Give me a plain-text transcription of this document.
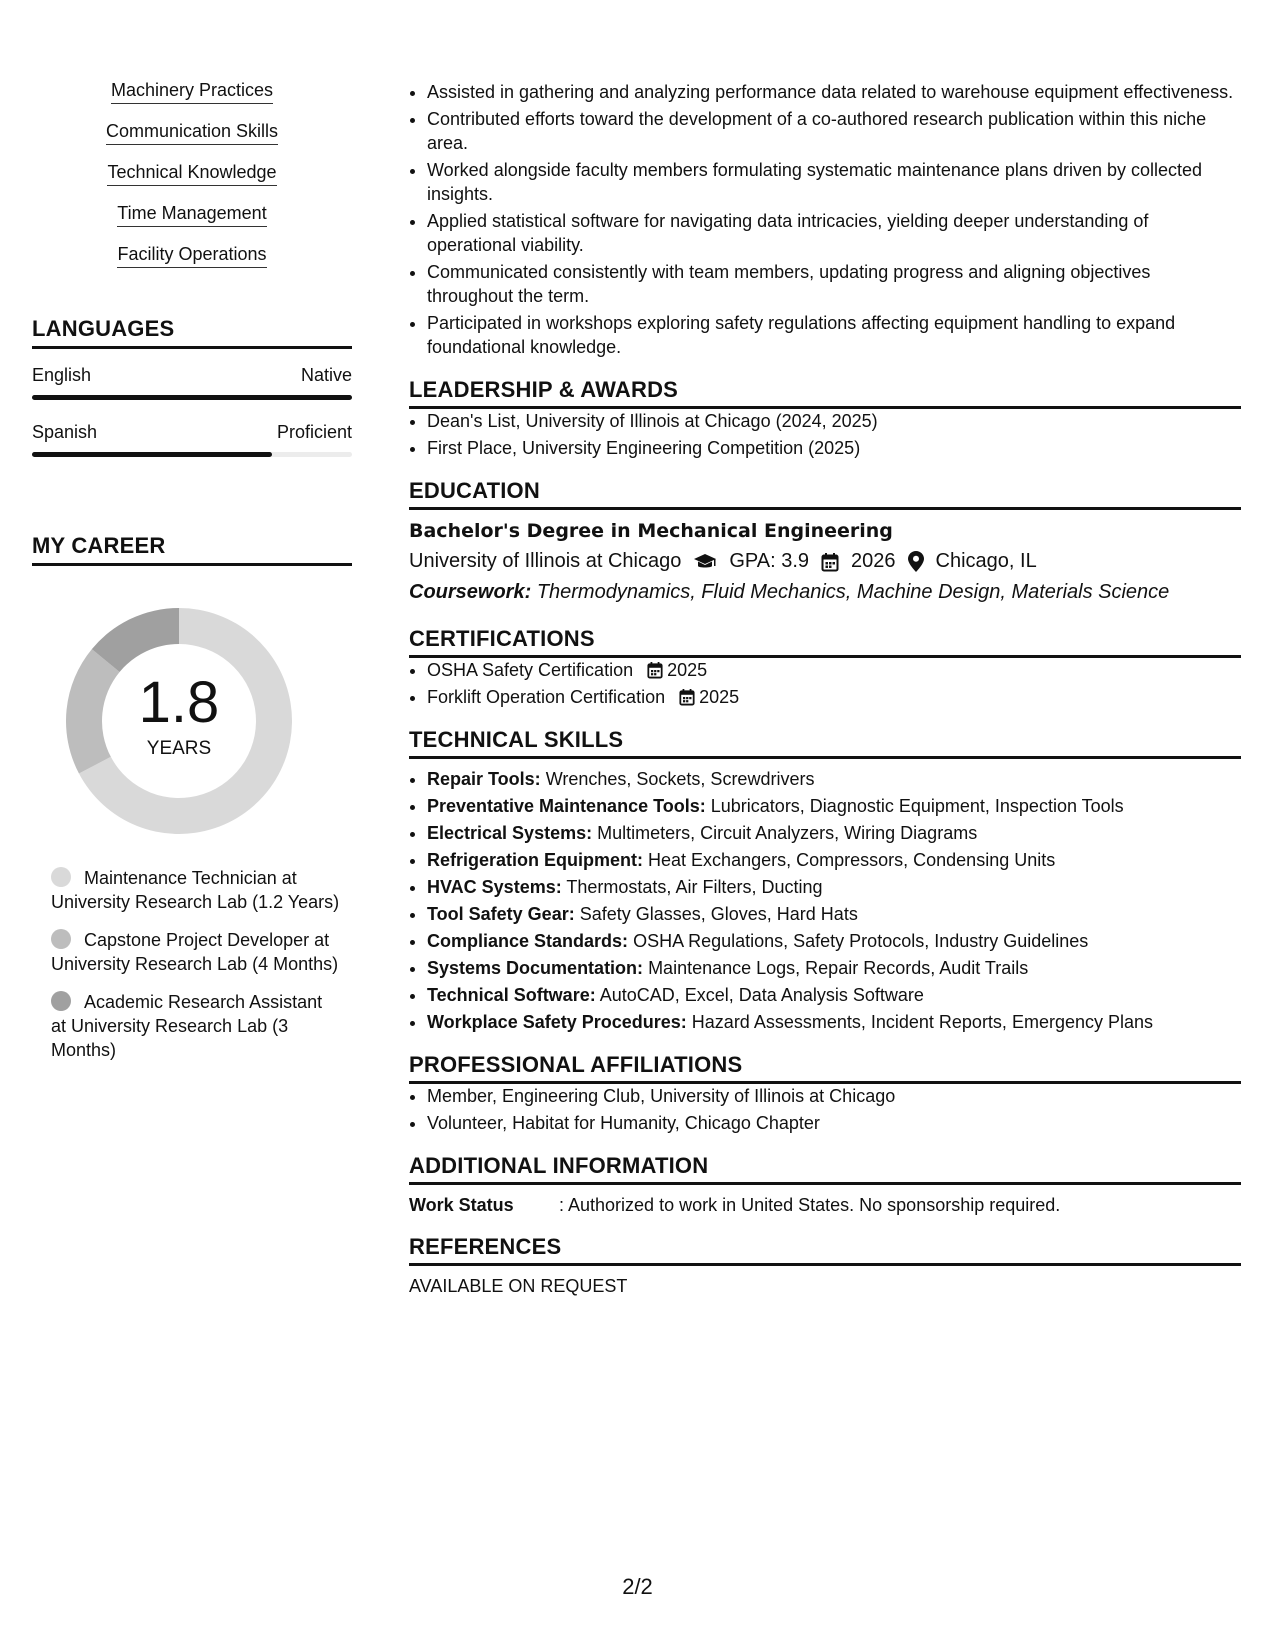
Machinery Practices
Communication Skills
Technical Knowledge
Time Management
Facility Operations
LANGUAGES
English	Native
Spanish	Proficient
MY CAREER
1.8
YEARS
Maintenance Technician at University Research Lab (1.2 Years)
Capstone Project Developer at University Research Lab (4 Months)
Academic Research Assistant at University Research Lab (3 Months)
• Assisted in gathering and analyzing performance data related to warehouse equipment effectiveness.
• Contributed efforts toward the development of a co-authored research publication within this niche area.
• Worked alongside faculty members formulating systematic maintenance plans driven by collected insights.
• Applied statistical software for navigating data intricacies, yielding deeper understanding of operational viability.
• Communicated consistently with team members, updating progress and aligning objectives throughout the term.
• Participated in workshops exploring safety regulations affecting equipment handling to expand foundational knowledge.
LEADERSHIP & AWARDS
• Dean's List, University of Illinois at Chicago (2024, 2025)
• First Place, University Engineering Competition (2025)
EDUCATION

Bachelor's Degree in Mechanical Engineering

University of Illinois at Chicago GPA: 3.9 2026 Chicago, IL
Coursework: Thermodynamics, Fluid Mechanics, Machine Design, Materials Science
CERTIFICATIONS
• OSHA Safety Certification 2025
• Forklift Operation Certification 2025
TECHNICAL SKILLS
• Repair Tools: Wrenches, Sockets, Screwdrivers
• Preventative Maintenance Tools: Lubricators, Diagnostic Equipment, Inspection Tools
• Electrical Systems: Multimeters, Circuit Analyzers, Wiring Diagrams
• Refrigeration Equipment: Heat Exchangers, Compressors, Condensing Units
• HVAC Systems: Thermostats, Air Filters, Ducting
• Tool Safety Gear: Safety Glasses, Gloves, Hard Hats
• Compliance Standards: OSHA Regulations, Safety Protocols, Industry Guidelines
• Systems Documentation: Maintenance Logs, Repair Records, Audit Trails
• Technical Software: AutoCAD, Excel, Data Analysis Software
• Workplace Safety Procedures: Hazard Assessments, Incident Reports, Emergency Plans
PROFESSIONAL AFFILIATIONS
• Member, Engineering Club, University of Illinois at Chicago
• Volunteer, Habitat for Humanity, Chicago Chapter
ADDITIONAL INFORMATION
Work Status	: Authorized to work in United States. No sponsorship required.
REFERENCES
AVAILABLE ON REQUEST
2/2
